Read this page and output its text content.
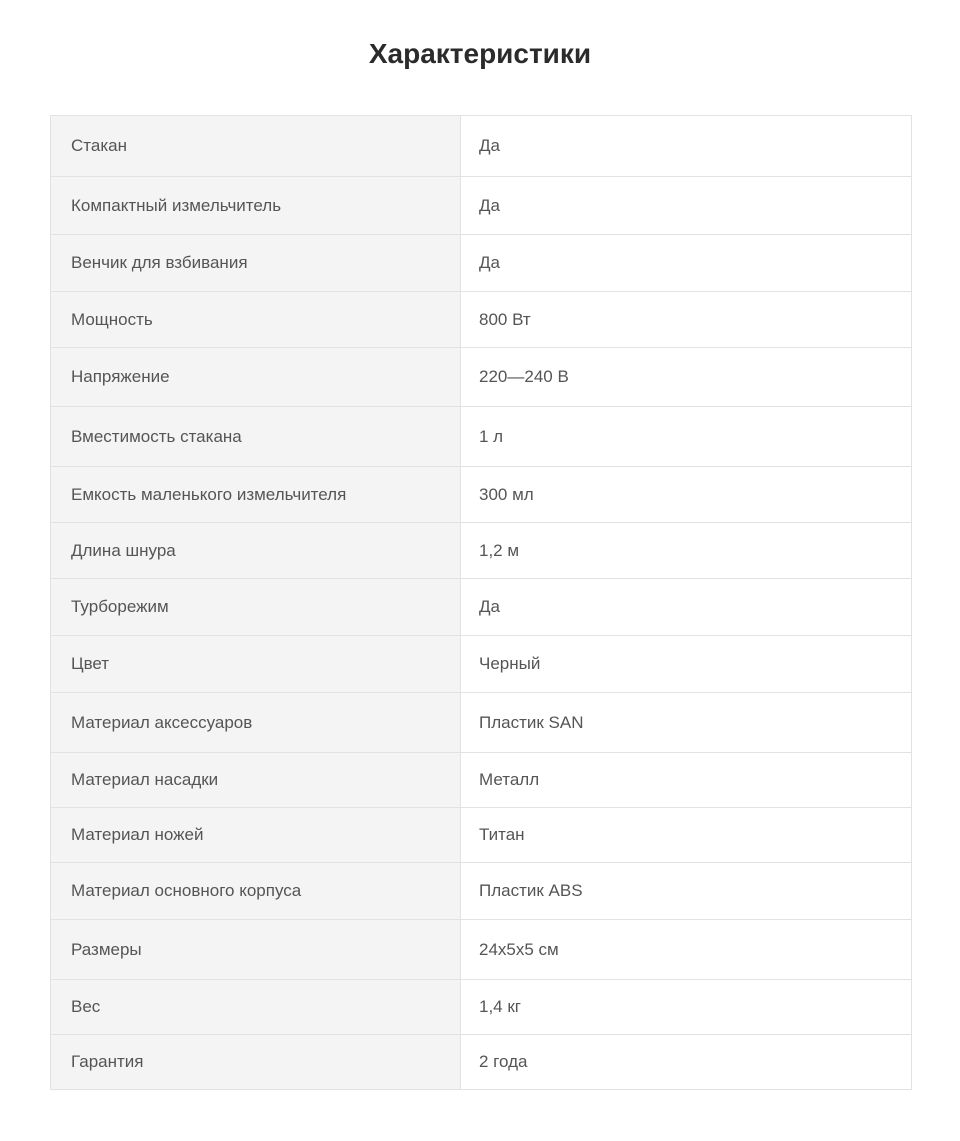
Характеристики
Стакан	Да
Компактный измельчитель	Да
Венчик для взбивания	Да
Мощность	800 Вт
Напряжение	220—240 В
Вместимость стакана	1 л
Емкость маленького измельчителя	300 мл
Длина шнура	1,2 м
Турборежим	Да
Цвет	Черный
Материал аксессуаров	Пластик SAN
Материал насадки	Металл
Материал ножей	Титан
Материал основного корпуса	Пластик ABS
Размеры	24x5x5 см
Вес	1,4 кг
Гарантия	2 года
